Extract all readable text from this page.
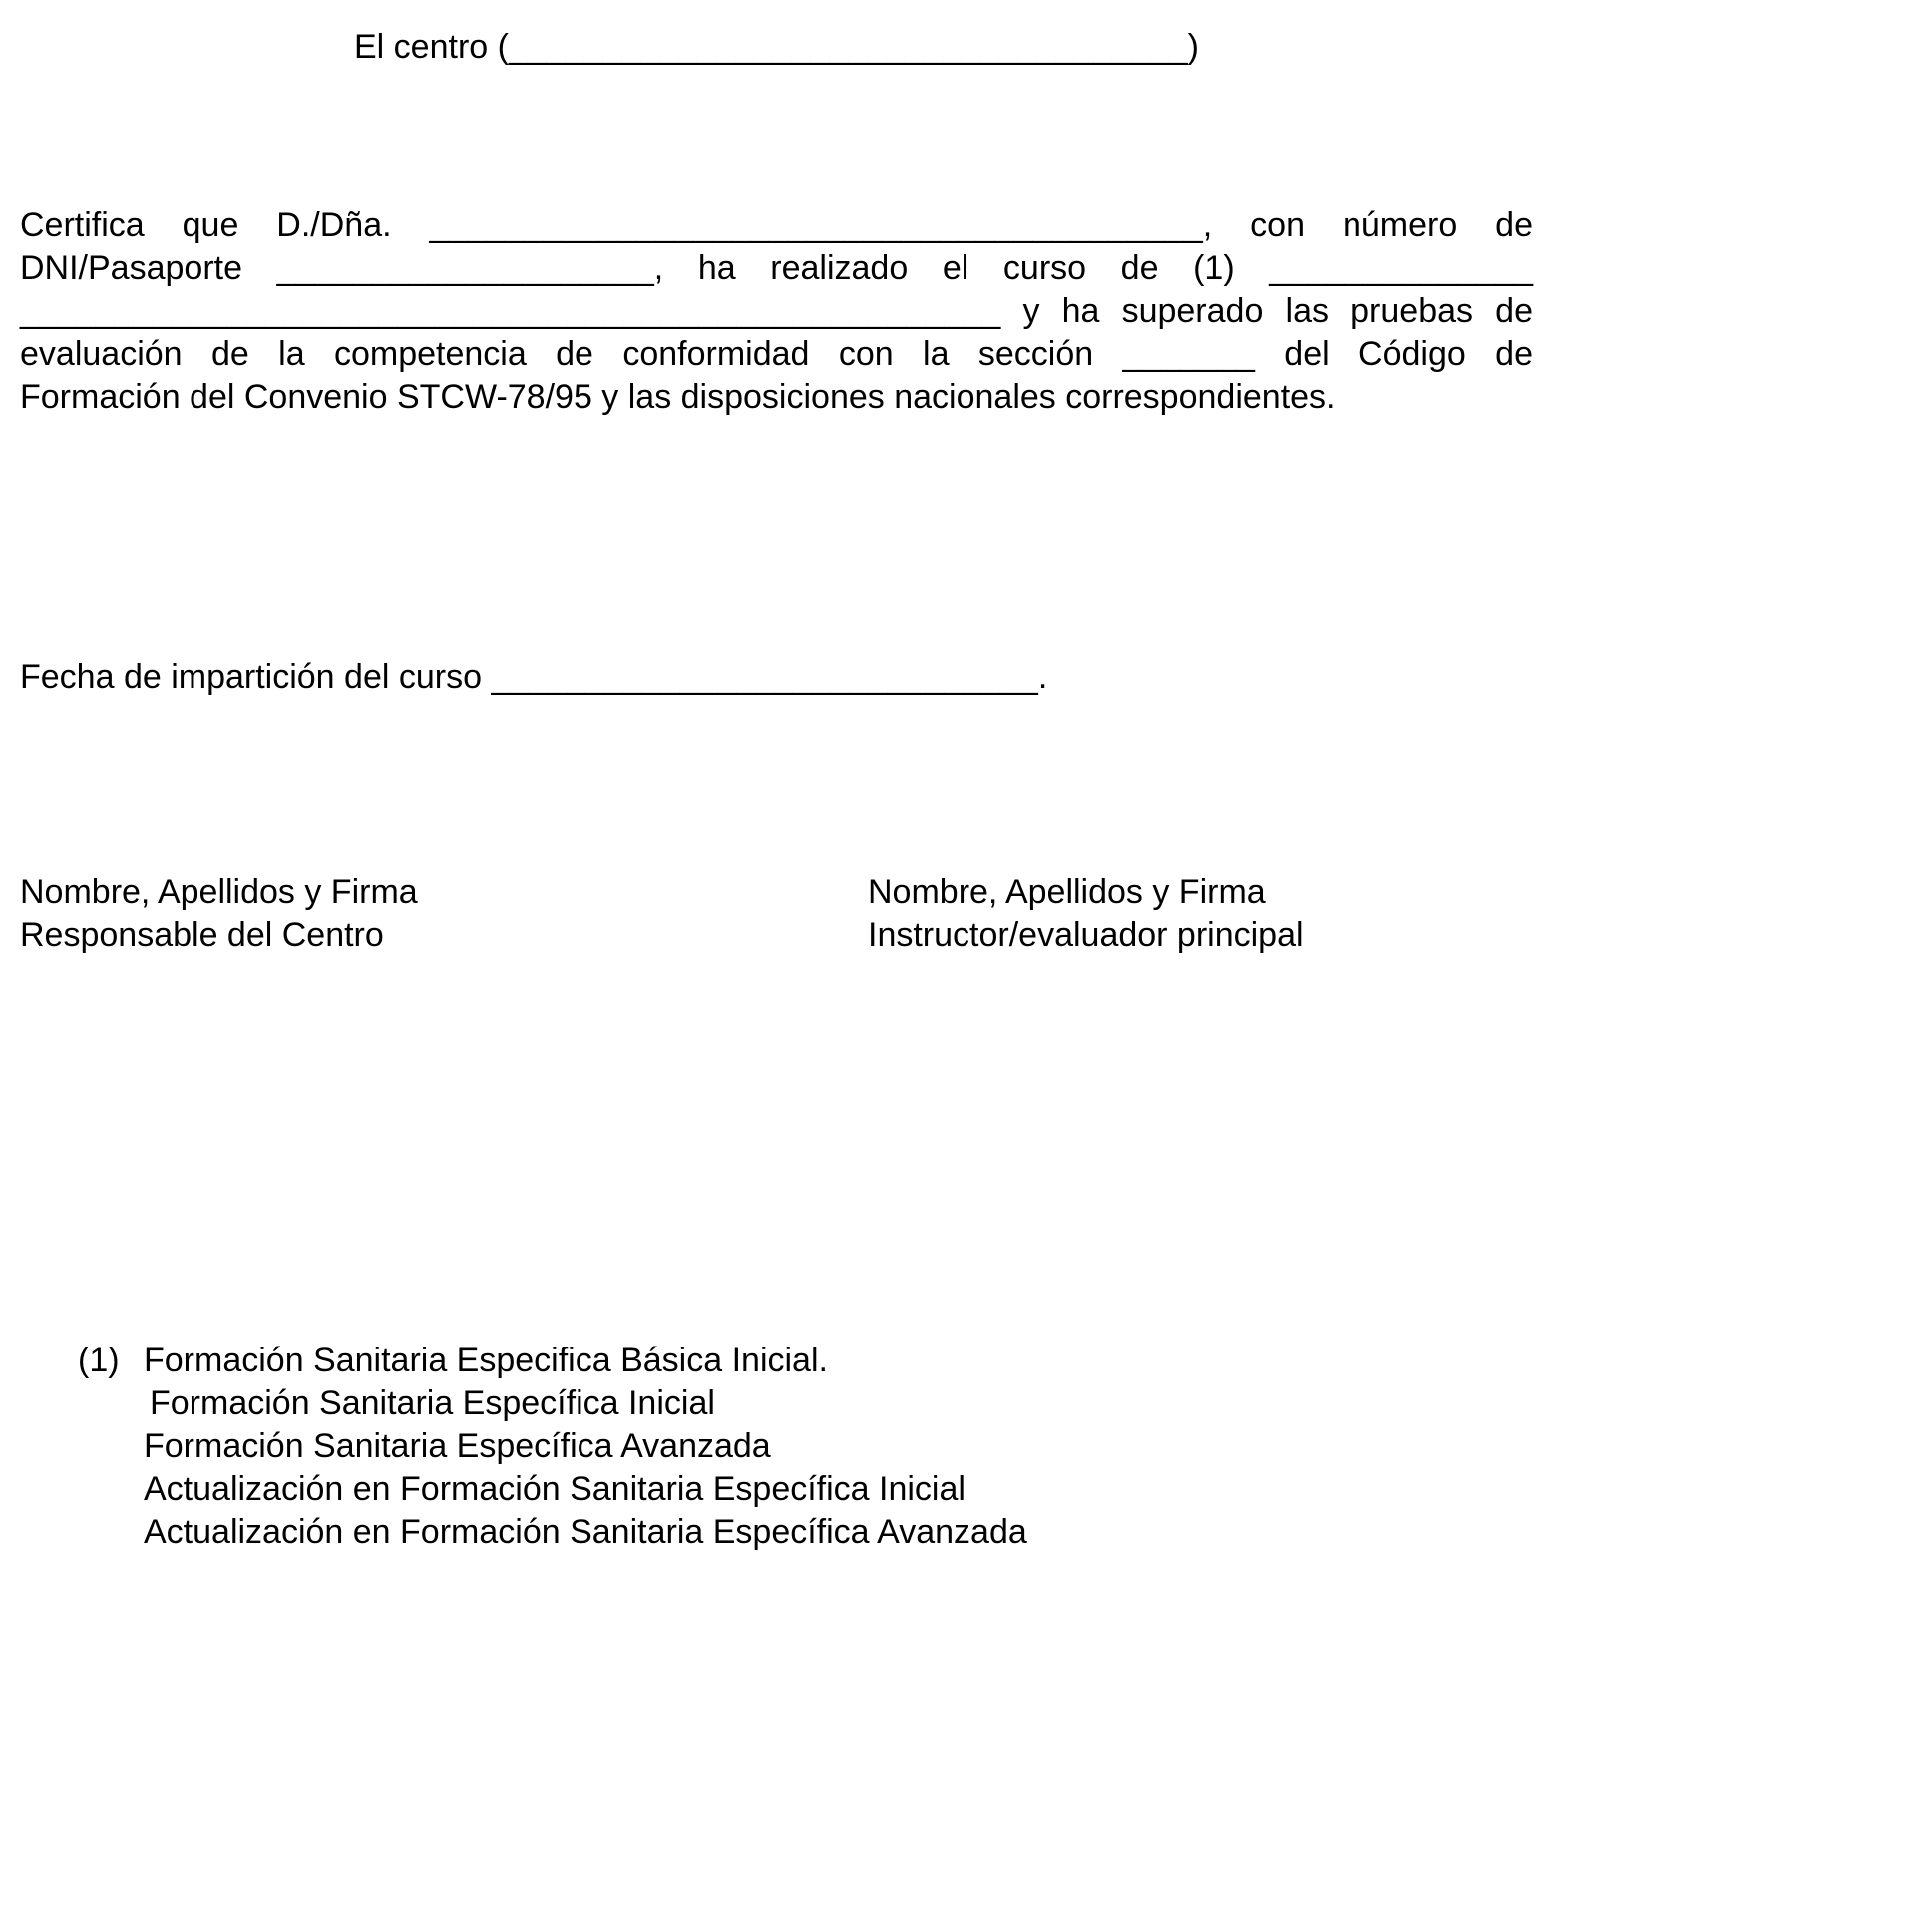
El centro (____________________________________)
Certifica que D./Dña. _________________________________________, con número de
DNI/Pasaporte ____________________, ha realizado el curso de (1) ______________
____________________________________________________ y ha superado las pruebas de
evaluación de la competencia de conformidad con la sección _______ del Código de
Formación del Convenio STCW-78/95 y las disposiciones nacionales correspondientes.
Fecha de impartición del curso _____________________________.
Nombre, Apellidos y Firma
Responsable del Centro
Nombre, Apellidos y Firma
Instructor/evaluador principal
(1) Formación Sanitaria Especifica Básica Inicial.
Formación Sanitaria Específica Inicial
Formación Sanitaria Específica Avanzada
Actualización en Formación Sanitaria Específica Inicial
Actualización en Formación Sanitaria Específica Avanzada
